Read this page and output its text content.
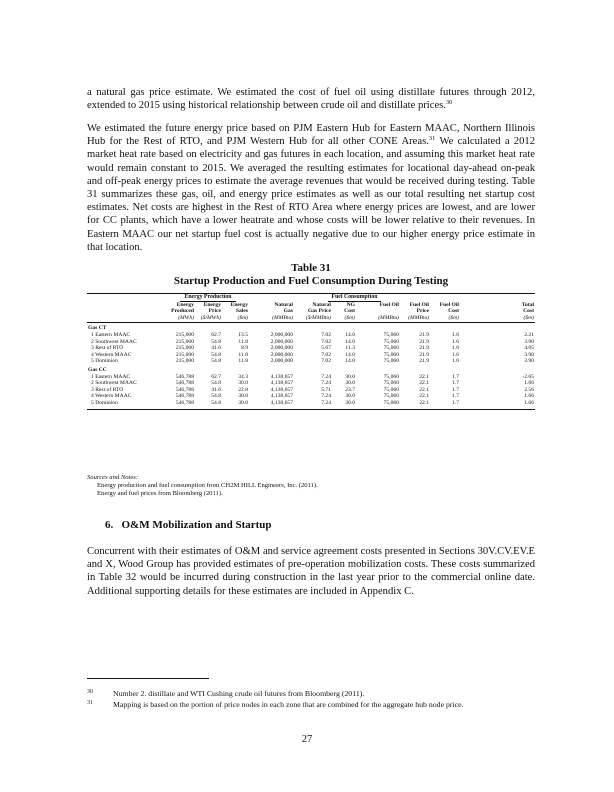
a natural gas price estimate. We estimated the cost of fuel oil using distillate futures through 2012, extended to 2015 using historical relationship between crude oil and distillate prices.$^{30}$

We estimated the future energy price based on PJM Eastern Hub for Eastern MAAC, Northern Illinois Hub for the Rest of RTO, and PJM Western Hub for all other CONE Areas.$^{31}$ We calculated a 2012 market heat rate based on electricity and gas futures in each location, and assuming this market heat rate would remain constant to 2015. We averaged the resulting estimates for locational day-ahead on-peak and off-peak energy prices to estimate the average revenues that would be received during testing. Table 31 summarizes these gas, oil, and energy price estimates as well as our total resulting net startup cost estimates. Net costs are highest in the Rest of RTO Area where energy prices are lowest, and are lower for CC plants, which have a lower heatrate and whose costs will be lower relative to their revenues. In Eastern MAAC our net startup fuel cost is actually negative due to our higher energy price estimate in that location.

Table 31
Startup Production and Fuel Consumption During Testing
	Energy Production			Fuel Consumption						
	Energy	Energy	Energy	Natural	Natural	NG	Fuel Oil	Fuel Oil	Fuel Oil	Total
	Produced	Price	Sales	Gas	Gas Price	Cost		Price	Cost	Cost
	(MWh)	($/MWh)	($m)	(MMBtu)	($/MMBtu)	($m)	(MMBtu)	(MMBtu)	($m)	($m)
Gas CT										
1 Eastern MAAC	215,000	62.7	13.5	2,000,000	7.02	14.0	75,060	21.9	1.6	2.21
2 Southwest MAAC	215,000	54.8	11.8	2,000,000	7.02	14.0	75,060	21.9	1.6	3.90
3 Rest of RTO	215,000	41.6	8.9	2,000,000	5.67	11.3	75,060	21.9	1.6	4.05
4 Western MAAC	215,000	54.8	11.8	2,000,000	7.02	14.0	75,060	21.9	1.6	3.90
5 Dominion	215,000	54.8	11.8	2,000,000	7.02	14.0	75,060	21.9	1.6	3.90
Gas CC										
1 Eastern MAAC	546,788	62.7	34.3	4,138,657	7.24	30.0	75,060	22.1	1.7	-2.65
2 Southwest MAAC	546,788	54.8	30.0	4,138,657	7.24	30.0	75,060	22.1	1.7	1.66
3 Rest of RTO	546,788	41.6	22.8	4,138,657	5.71	23.7	75,060	22.1	1.7	2.56
4 Western MAAC	546,788	54.8	30.0	4,138,657	7.24	30.0	75,060	22.1	1.7	1.66
5 Dominion	546,788	54.8	30.0	4,138,657	7.24	30.0	75,060	22.1	1.7	1.66
Sources and Notes:
Energy production and fuel consumption from CH2M HILL Engineers, Inc. (2011).
Energy and fuel prices from Bloomberg (2011).
6. O&M Mobilization and Startup

Concurrent with their estimates of O&M and service agreement costs presented in Sections 30V.CV.EV.E and X, Wood Group has provided estimates of pre-operation mobilization costs. These costs summarized in Table 32 would be incurred during construction in the last year prior to the commercial online date. Additional supporting details for these estimates are included in Appendix C.

30	Number 2. distillate and WTI Cushing crude oil futures from Bloomberg (2011).
31	Mapping is based on the portion of price nodes in each zone that are combined for the aggregate hub node price.
27
